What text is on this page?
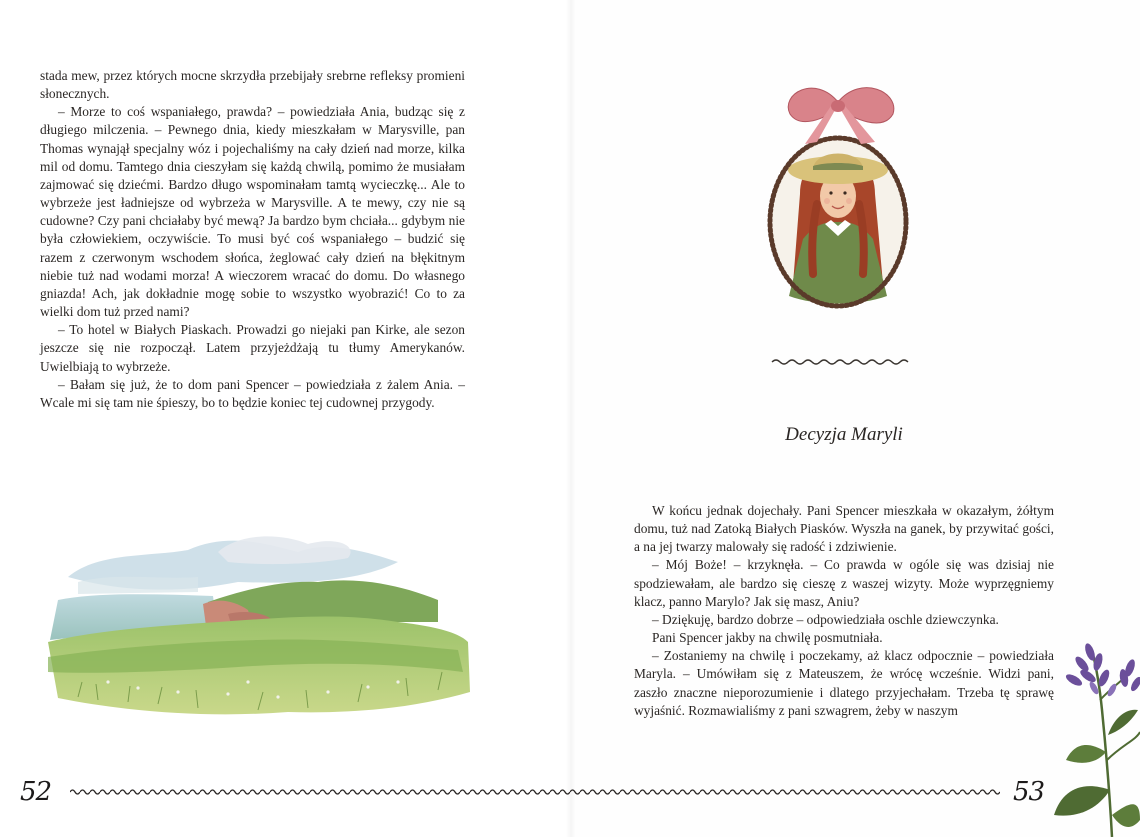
stada mew, przez których mocne skrzydła przebijały srebrne refleksy promieni słonecznych.

– Morze to coś wspaniałego, prawda? – powiedziała Ania, budząc się z długiego milczenia. – Pewnego dnia, kiedy mieszkałam w Marysville, pan Thomas wynajął specjalny wóz i pojechaliśmy na cały dzień nad morze, kilka mil od domu. Tamtego dnia cieszyłam się każdą chwilą, pomimo że musiałam zajmować się dziećmi. Bardzo długo wspominałam tamtą wycieczkę... Ale to wybrzeże jest ładniejsze od wybrzeża w Marysville. A te mewy, czy nie są cudowne? Czy pani chciałaby być mewą? Ja bardzo bym chciała... gdybym nie była człowiekiem, oczywiście. To musi być coś wspaniałego – budzić się razem z czerwonym wschodem słońca, żeglować cały dzień na błękitnym niebie tuż nad wodami morza! A wieczorem wracać do domu. Do własnego gniazda! Ach, jak dokładnie mogę sobie to wszystko wyobrazić! Co to za wielki dom tuż przed nami?

– To hotel w Białych Piaskach. Prowadzi go niejaki pan Kirke, ale sezon jeszcze się nie rozpoczął. Latem przyjeżdżają tu tłumy Amerykanów. Uwielbiają to wybrzeże.

– Bałam się już, że to dom pani Spencer – powiedziała z żalem Ania. – Wcale mi się tam nie śpieszy, bo to będzie koniec tej cudownej przygody.

Decyzja Maryli

W końcu jednak dojechały. Pani Spencer mieszkała w okazałym, żółtym domu, tuż nad Zatoką Białych Piasków. Wyszła na ganek, by przywitać gości, a na jej twarzy malowały się radość i zdziwienie.

– Mój Boże! – krzyknęła. – Co prawda w ogóle się was dzisiaj nie spodziewałam, ale bardzo się cieszę z waszej wizyty. Może wyprzęgniemy klacz, panno Marylo? Jak się masz, Aniu?

– Dziękuję, bardzo dobrze – odpowiedziała oschle dziewczynka.

Pani Spencer jakby na chwilę posmutniała.

– Zostaniemy na chwilę i poczekamy, aż klacz odpocznie – powiedziała Maryla. – Umówiłam się z Mateuszem, że wrócę wcześnie. Widzi pani, zaszło znaczne nieporozumienie i dlatego przyjechałam. Trzeba tę sprawę wyjaśnić. Rozmawialiśmy z pani szwagrem, żeby w naszym

52	53
